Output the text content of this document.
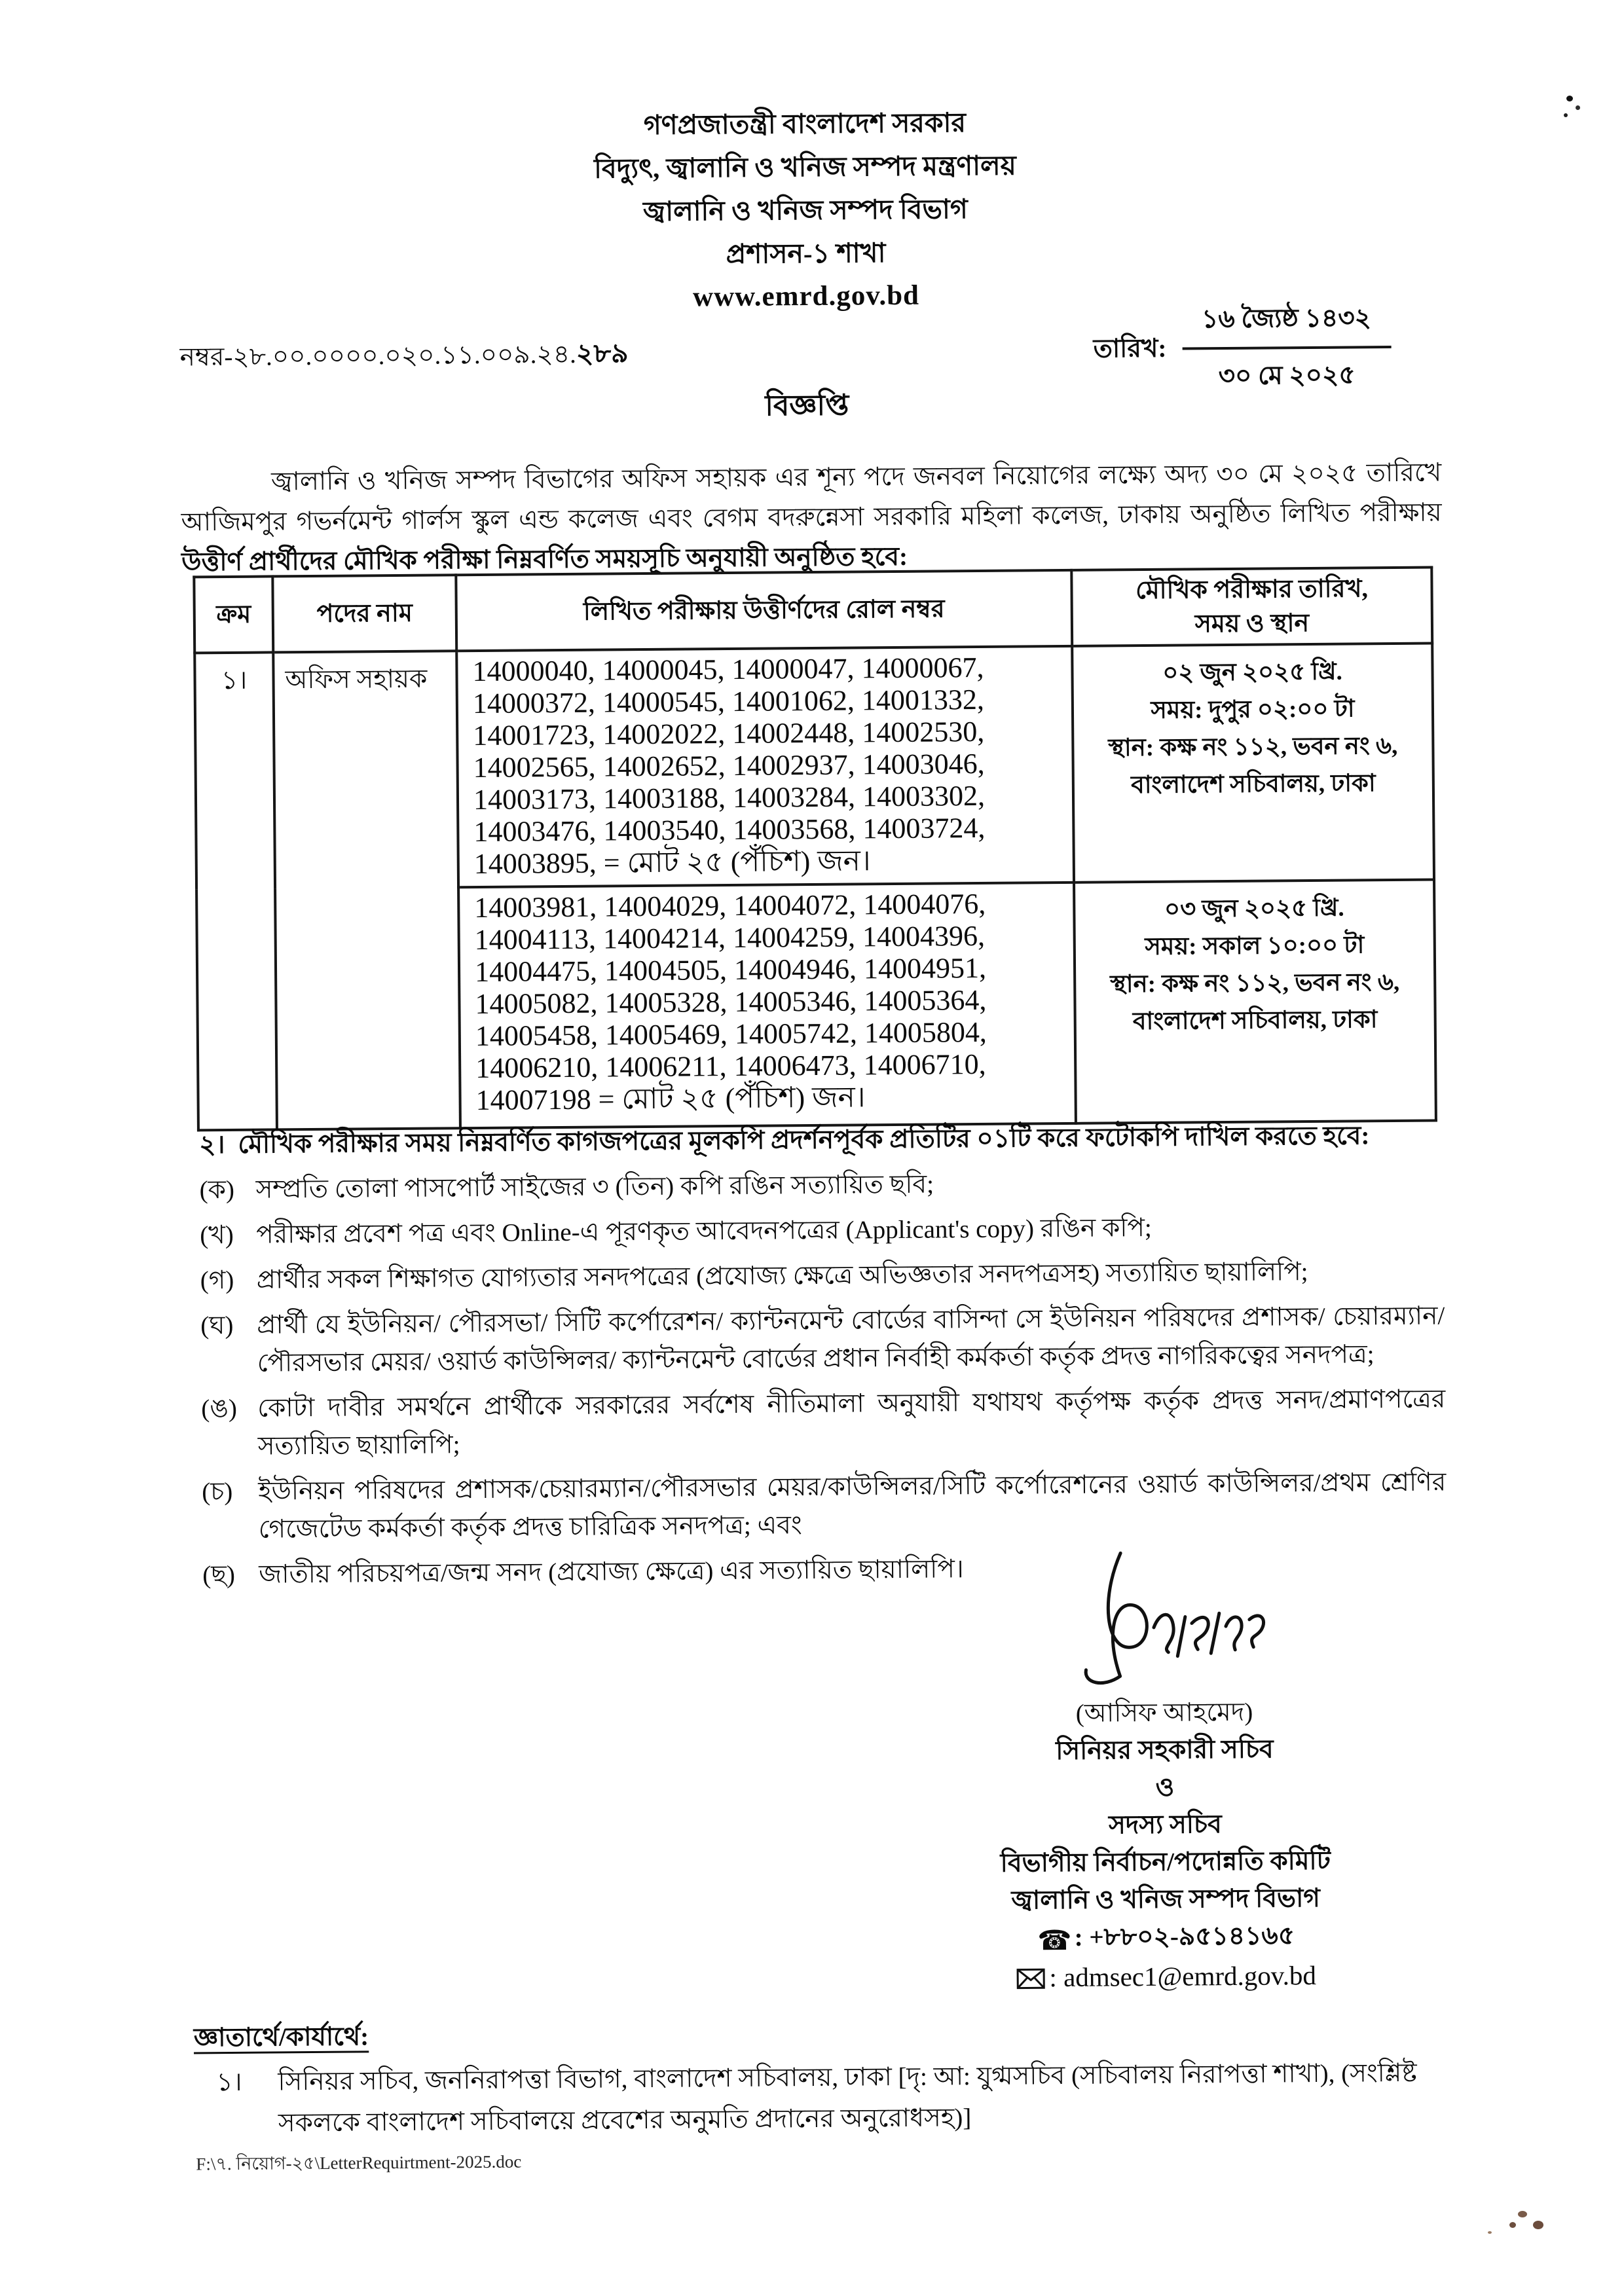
গণপ্রজাতন্ত্রী বাংলাদেশ সরকার
বিদ্যুৎ, জ্বালানি ও খনিজ সম্পদ মন্ত্রণালয়
জ্বালানি ও খনিজ সম্পদ বিভাগ
প্রশাসন-১ শাখা
www.emrd.gov.bd
নম্বর-২৮.০০.০০০০.০২০.১১.০০৯.২৪.২৮৯	তারিখ:
১৬ জ্যৈষ্ঠ ১৪৩২
৩০ মে ২০২৫
বিজ্ঞপ্তি

জ্বালানি ও খনিজ সম্পদ বিভাগের অফিস সহায়ক এর শূন্য পদে জনবল নিয়োগের লক্ষ্যে অদ্য ৩০ মে ২০২৫ তারিখে আজিমপুর গভর্নমেন্ট গার্লস স্কুল এন্ড কলেজ এবং বেগম বদরুন্নেসা সরকারি মহিলা কলেজ, ঢাকায় অনুষ্ঠিত লিখিত পরীক্ষায় উত্তীর্ণ প্রার্থীদের মৌখিক পরীক্ষা নিম্নবর্ণিত সময়সূচি অনুযায়ী অনুষ্ঠিত হবে:

ক্রম	পদের নাম	লিখিত পরীক্ষায় উত্তীর্ণদের রোল নম্বর	মৌখিক পরীক্ষার তারিখ,
সময় ও স্থান
১।	অফিস সহায়ক	14000040, 14000045, 14000047, 14000067,
14000372, 14000545, 14001062, 14001332,
14001723, 14002022, 14002448, 14002530,
14002565, 14002652, 14002937, 14003046,
14003173, 14003188, 14003284, 14003302,
14003476, 14003540, 14003568, 14003724,
14003895, = মোট ২৫ (পঁচিশ) জন।	০২ জুন ২০২৫ খ্রি.
সময়: দুপুর ০২:০০ টা
স্থান: কক্ষ নং ১১২, ভবন নং ৬,
বাংলাদেশ সচিবালয়, ঢাকা
14003981, 14004029, 14004072, 14004076,
14004113, 14004214, 14004259, 14004396,
14004475, 14004505, 14004946, 14004951,
14005082, 14005328, 14005346, 14005364,
14005458, 14005469, 14005742, 14005804,
14006210, 14006211, 14006473, 14006710,
14007198 = মোট ২৫ (পঁচিশ) জন।	০৩ জুন ২০২৫ খ্রি.
সময়: সকাল ১০:০০ টা
স্থান: কক্ষ নং ১১২, ভবন নং ৬,
বাংলাদেশ সচিবালয়, ঢাকা
২। মৌখিক পরীক্ষার সময় নিম্নবর্ণিত কাগজপত্রের মূলকপি প্রদর্শনপূর্বক প্রতিটির ০১টি করে ফটোকপি দাখিল করতে হবে:
(ক) সম্প্রতি তোলা পাসপোর্ট সাইজের ৩ (তিন) কপি রঙিন সত্যায়িত ছবি;
(খ) পরীক্ষার প্রবেশ পত্র এবং Online-এ পূরণকৃত আবেদনপত্রের (Applicant's copy) রঙিন কপি;
(গ) প্রার্থীর সকল শিক্ষাগত যোগ্যতার সনদপত্রের (প্রযোজ্য ক্ষেত্রে অভিজ্ঞতার সনদপত্রসহ) সত্যায়িত ছায়ালিপি;
(ঘ) প্রার্থী যে ইউনিয়ন/ পৌরসভা/ সিটি কর্পোরেশন/ ক্যান্টনমেন্ট বোর্ডের বাসিন্দা সে ইউনিয়ন পরিষদের প্রশাসক/ চেয়ারম্যান/ পৌরসভার মেয়র/ ওয়ার্ড কাউন্সিলর/ ক্যান্টনমেন্ট বোর্ডের প্রধান নির্বাহী কর্মকর্তা কর্তৃক প্রদত্ত নাগরিকত্বের সনদপত্র;
(ঙ) কোটা দাবীর সমর্থনে প্রার্থীকে সরকারের সর্বশেষ নীতিমালা অনুযায়ী যথাযথ কর্তৃপক্ষ কর্তৃক প্রদত্ত সনদ/প্রমাণপত্রের সত্যায়িত ছায়ালিপি;
(চ) ইউনিয়ন পরিষদের প্রশাসক/চেয়ারম্যান/পৌরসভার মেয়র/কাউন্সিলর/সিটি কর্পোরেশনের ওয়ার্ড কাউন্সিলর/প্রথম শ্রেণির গেজেটেড কর্মকর্তা কর্তৃক প্রদত্ত চারিত্রিক সনদপত্র; এবং
(ছ) জাতীয় পরিচয়পত্র/জন্ম সনদ (প্রযোজ্য ক্ষেত্রে) এর সত্যায়িত ছায়ালিপি।
(আসিফ আহমেদ)
সিনিয়র সহকারী সচিব
ও
সদস্য সচিব
বিভাগীয় নির্বাচন/পদোন্নতি কমিটি
জ্বালানি ও খনিজ সম্পদ বিভাগ
☎: +৮৮০২-৯৫১৪১৬৫
: admsec1@emrd.gov.bd
জ্ঞাতার্থে/কার্যার্থে:
১।	সিনিয়র সচিব, জননিরাপত্তা বিভাগ, বাংলাদেশ সচিবালয়, ঢাকা [দৃ: আ: যুগ্মসচিব (সচিবালয় নিরাপত্তা শাখা), (সংশ্লিষ্ট সকলকে বাংলাদেশ সচিবালয়ে প্রবেশের অনুমতি প্রদানের অনুরোধসহ)]
F:\৭. নিয়োগ-২৫\LetterRequirtment-2025.doc
